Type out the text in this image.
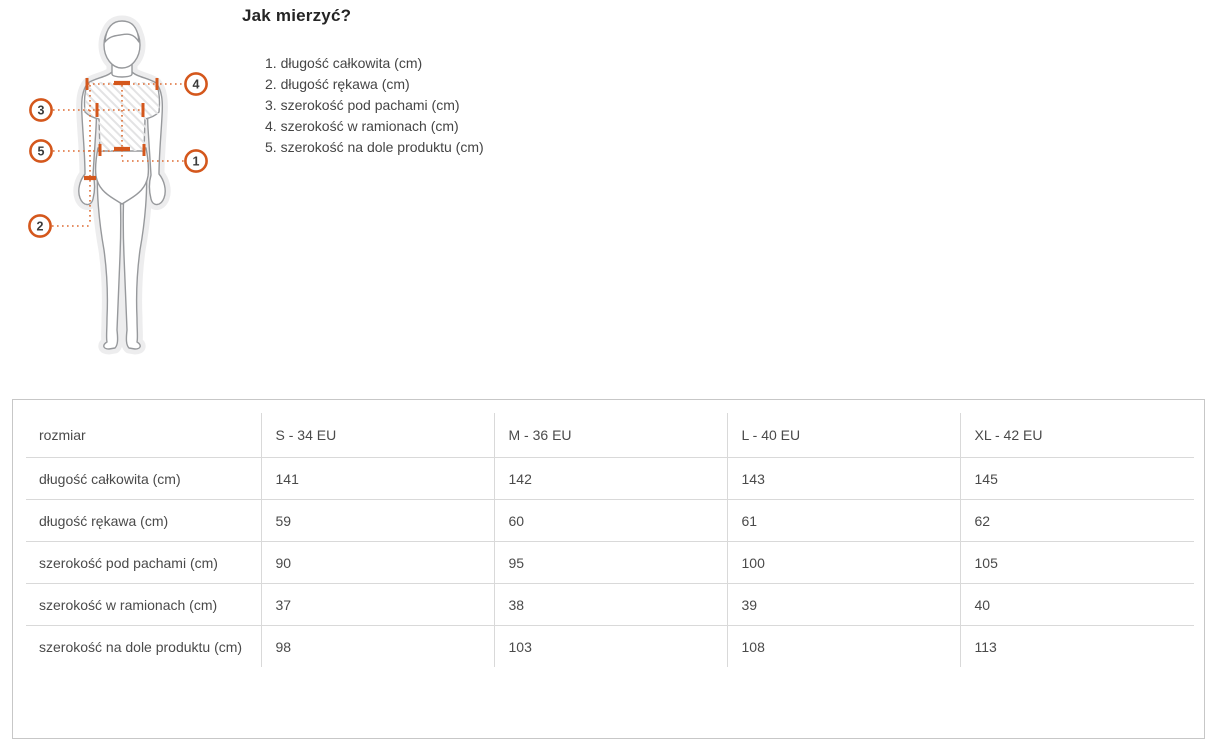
1
2
3
4
5
Jak mierzyć?
1. długość całkowita (cm)
2. długość rękawa (cm)
3. szerokość pod pachami (cm)
4. szerokość w ramionach (cm)
5. szerokość na dole produktu (cm)
rozmiar	S - 34 EU	M - 36 EU	L - 40 EU	XL - 42 EU
długość całkowita (cm)	141	142	143	145
długość rękawa (cm)	59	60	61	62
szerokość pod pachami (cm)	90	95	100	105
szerokość w ramionach (cm)	37	38	39	40
szerokość na dole produktu (cm)	98	103	108	113
